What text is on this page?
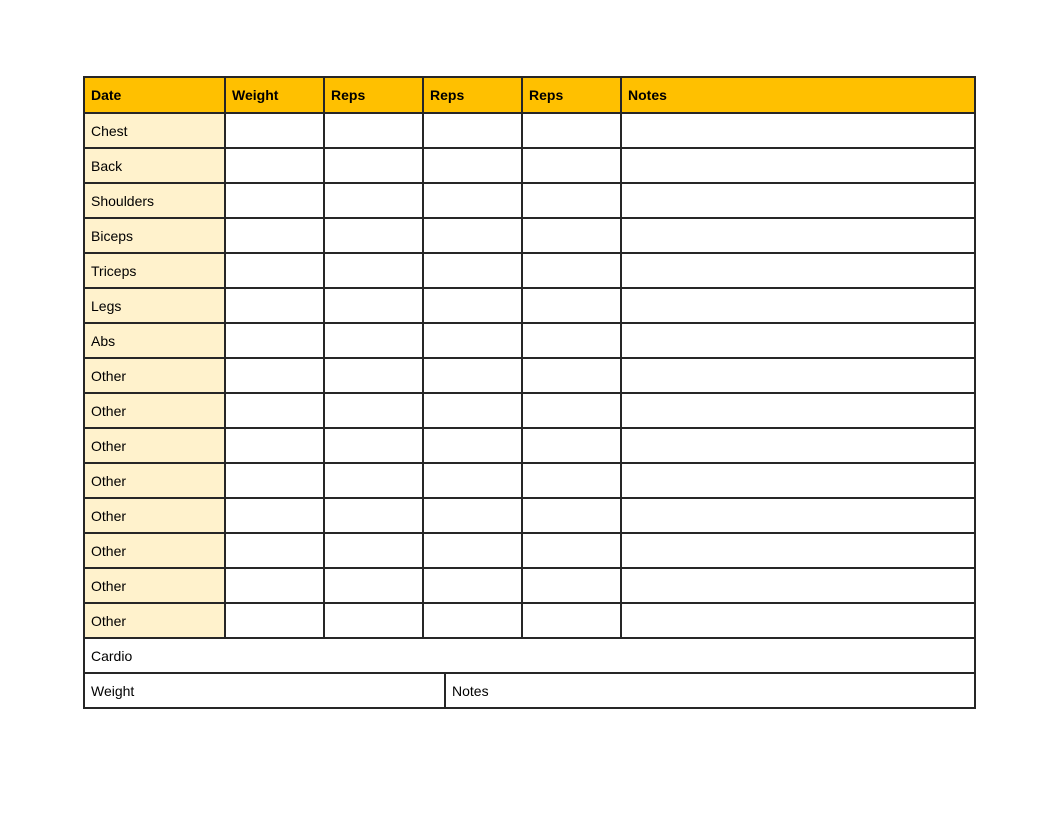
Date	Weight	Reps	Reps	Reps	Notes
Chest					
Back					
Shoulders					
Biceps					
Triceps					
Legs					
Abs					
Other					
Other					
Other					
Other					
Other					
Other					
Other					
Other					
Cardio
Weight	Notes
